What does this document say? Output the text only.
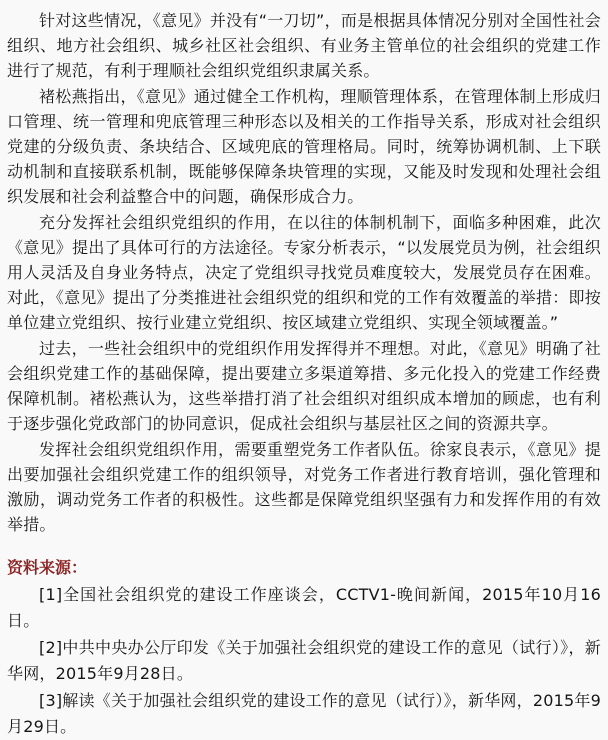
针对这些情况，《意见》并没有“一刀切”，而是根据具体情况分别对全国性社会组织、地方社会组织、城乡社区社会组织、有业务主管单位的社会组织的党建工作进行了规范，有利于理顺社会组织党组织隶属关系。

褚松燕指出，《意见》通过健全工作机构，理顺管理体系，在管理体制上形成归口管理、统一管理和兜底管理三种形态以及相关的工作指导关系，形成对社会组织党建的分级负责、条块结合、区域兜底的管理格局。同时，统筹协调机制、上下联动机制和直接联系机制，既能够保障条块管理的实现，又能及时发现和处理社会组织发展和社会利益整合中的问题，确保形成合力。

充分发挥社会组织党组织的作用，在以往的体制机制下，面临多种困难，此次《意见》提出了具体可行的方法途径。专家分析表示，“以发展党员为例，社会组织用人灵活及自身业务特点，决定了党组织寻找党员难度较大，发展党员存在困难。对此，《意见》提出了分类推进社会组织党的组织和党的工作有效覆盖的举措：即按单位建立党组织、按行业建立党组织、按区域建立党组织、实现全领域覆盖。”

过去，一些社会组织中的党组织作用发挥得并不理想。对此，《意见》明确了社会组织党建工作的基础保障，提出要建立多渠道筹措、多元化投入的党建工作经费保障机制。褚松燕认为，这些举措打消了社会组织对组织成本增加的顾虑，也有利于逐步强化党政部门的协同意识，促成社会组织与基层社区之间的资源共享。

发挥社会组织党组织作用，需要重塑党务工作者队伍。徐家良表示，《意见》提出要加强社会组织党建工作的组织领导，对党务工作者进行教育培训，强化管理和激励，调动党务工作者的积极性。这些都是保障党组织坚强有力和发挥作用的有效举措。

资料来源：

[1]全国社会组织党的建设工作座谈会，CCTV1-晚间新闻，2015年10月16日。

[2]中共中央办公厅印发《关于加强社会组织党的建设工作的意见（试行）》，新华网，2015年9月28日。

[3]解读《关于加强社会组织党的建设工作的意见（试行）》，新华网，2015年9月29日。
